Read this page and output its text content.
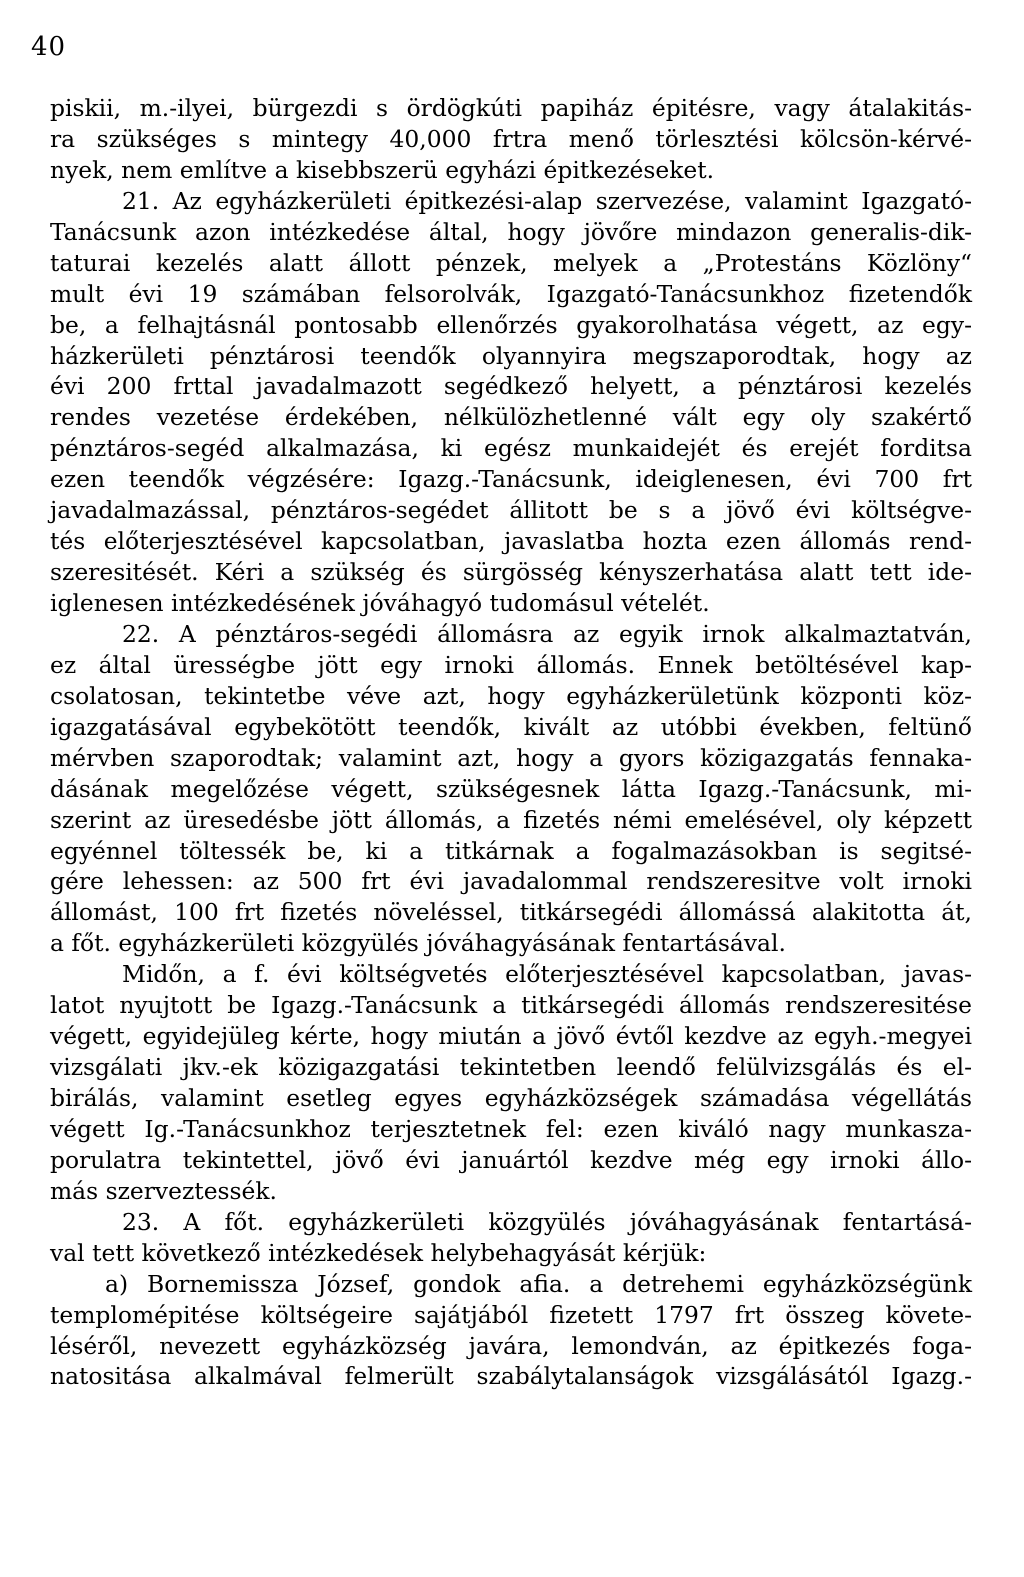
40
piskii, m.-ilyei, bürgezdi s ördögkúti papiház épitésre, vagy átalakitás-
ra szükséges s mintegy 40,000 frtra menő törlesztési kölcsön-kérvé-
nyek, nem említve a kisebbszerü egyházi épitkezéseket.
21. Az egyházkerületi épitkezési-alap szervezése, valamint Igazgató-
Tanácsunk azon intézkedése által, hogy jövőre mindazon generalis-dik-
taturai kezelés alatt állott pénzek, melyek a „Protestáns Közlöny“
mult évi 19 számában felsorolvák, Igazgató-Tanácsunkhoz fizetendők
be, a felhajtásnál pontosabb ellenőrzés gyakorolhatása végett, az egy-
házkerületi pénztárosi teendők olyannyira megszaporodtak, hogy az
évi 200 frttal javadalmazott segédkező helyett, a pénztárosi kezelés
rendes vezetése érdekében, nélkülözhetlenné vált egy oly szakértő
pénztáros-segéd alkalmazása, ki egész munkaidejét és erejét forditsa
ezen teendők végzésére: Igazg.-Tanácsunk, ideiglenesen, évi 700 frt
javadalmazással, pénztáros-segédet állitott be s a jövő évi költségve-
tés előterjesztésével kapcsolatban, javaslatba hozta ezen állomás rend-
szeresitését. Kéri a szükség és sürgösség kényszerhatása alatt tett ide-
iglenesen intézkedésének jóváhagyó tudomásul vételét.
22. A pénztáros-segédi állomásra az egyik irnok alkalmaztatván,
ez által ürességbe jött egy irnoki állomás. Ennek betöltésével kap-
csolatosan, tekintetbe véve azt, hogy egyházkerületünk központi köz-
igazgatásával egybekötött teendők, kivált az utóbbi években, feltünő
mérvben szaporodtak; valamint azt, hogy a gyors közigazgatás fennaka-
dásának megelőzése végett, szükségesnek látta Igazg.-Tanácsunk, mi-
szerint az üresedésbe jött állomás, a fizetés némi emelésével, oly képzett
egyénnel töltessék be, ki a titkárnak a fogalmazásokban is segitsé-
gére lehessen: az 500 frt évi javadalommal rendszeresitve volt irnoki
állomást, 100 frt fizetés növeléssel, titkársegédi állomássá alakitotta át,
a főt. egyházkerületi közgyülés jóváhagyásának fentartásával.
Midőn, a f. évi költségvetés előterjesztésével kapcsolatban, javas-
latot nyujtott be Igazg.-Tanácsunk a titkársegédi állomás rendszeresitése
végett, egyidejüleg kérte, hogy miután a jövő évtől kezdve az egyh.-megyei
vizsgálati jkv.-ek közigazgatási tekintetben leendő felülvizsgálás és el-
birálás, valamint esetleg egyes egyházközségek számadása végellátás
végett Ig.-Tanácsunkhoz terjesztetnek fel: ezen kiváló nagy munkasza-
porulatra tekintettel, jövő évi januártól kezdve még egy irnoki állo-
más szerveztessék.
23. A főt. egyházkerületi közgyülés jóváhagyásának fentartásá-
val tett következő intézkedések helybehagyását kérjük:
a) Bornemissza József, gondok afia. a detrehemi egyházközségünk
templomépitése költségeire sajátjából fizetett 1797 frt összeg követe-
léséről, nevezett egyházközség javára, lemondván, az épitkezés foga-
natositása alkalmával felmerült szabálytalanságok vizsgálásától Igazg.-
